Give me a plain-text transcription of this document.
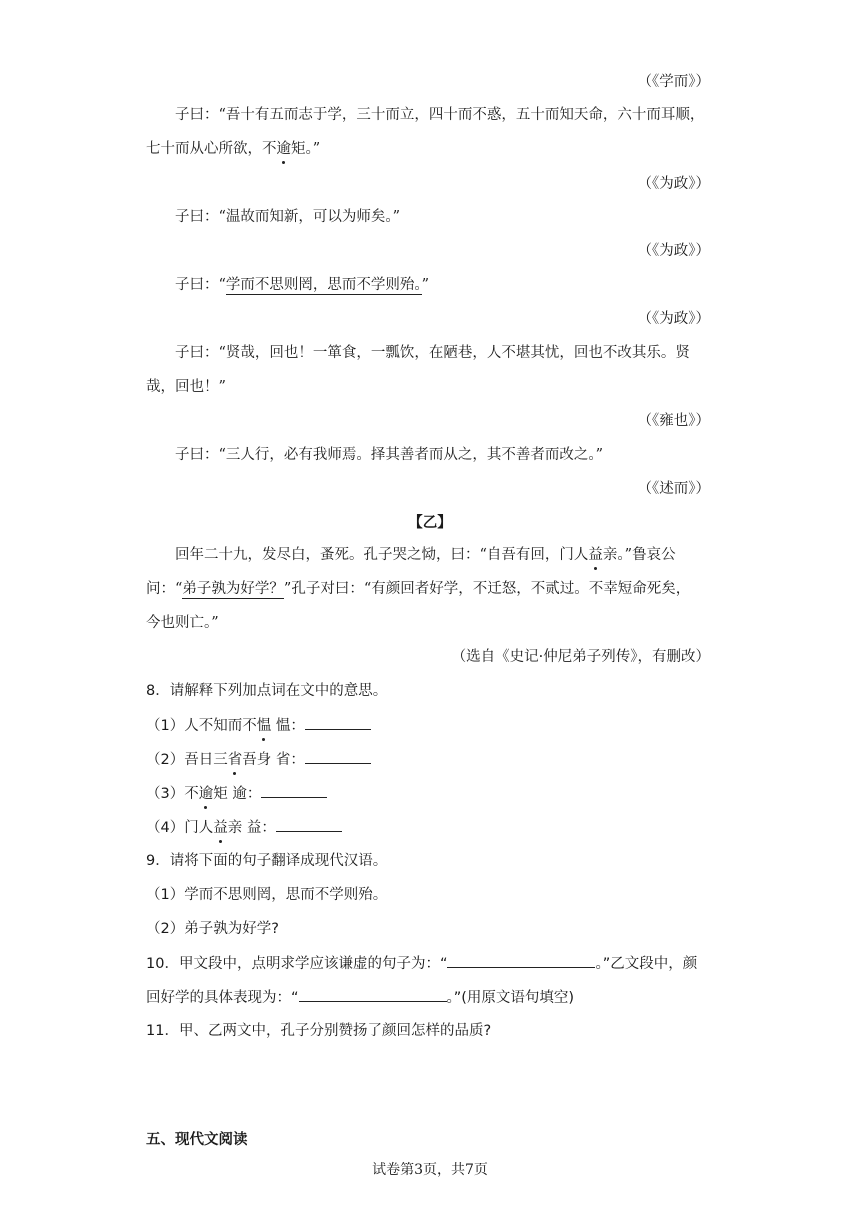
（《学而》）
子曰：“吾十有五而志于学，三十而立，四十而不惑，五十而知天命，六十而耳顺，
七十而从心所欲，不逾矩。”
（《为政》）
子曰：“温故而知新，可以为师矣。”
（《为政》）
子曰：“学而不思则罔，思而不学则殆。”
（《为政》）
子曰：“贤哉，回也！一箪食，一瓢饮，在陋巷，人不堪其忧，回也不改其乐。贤
哉，回也！”
（《雍也》）
子曰：“三人行，必有我师焉。择其善者而从之，其不善者而改之。”
（《述而》）
【乙】
回年二十九，发尽白，蚤死。孔子哭之恸，曰：“自吾有回，门人益亲。”鲁哀公
问：“弟子孰为好学？”孔子对曰：“有颜回者好学，不迁怒，不贰过。不幸短命死矣，
今也则亡。”
（选自《史记·仲尼弟子列传》，有删改）
8．请解释下列加点词在文中的意思。
（1）人不知而不愠 愠：
（2）吾日三省吾身 省：
（3）不逾矩 逾：
（4）门人益亲 益：
9．请将下面的句子翻译成现代汉语。
（1）学而不思则罔，思而不学则殆。
（2）弟子孰为好学?
10．甲文段中，点明求学应该谦虚的句子为：“	。”乙文段中，颜
回好学的具体表现为：“	。”(用原文语句填空)
11．甲、乙两文中，孔子分别赞扬了颜回怎样的品质?
五、现代文阅读
试卷第3页，共7页
